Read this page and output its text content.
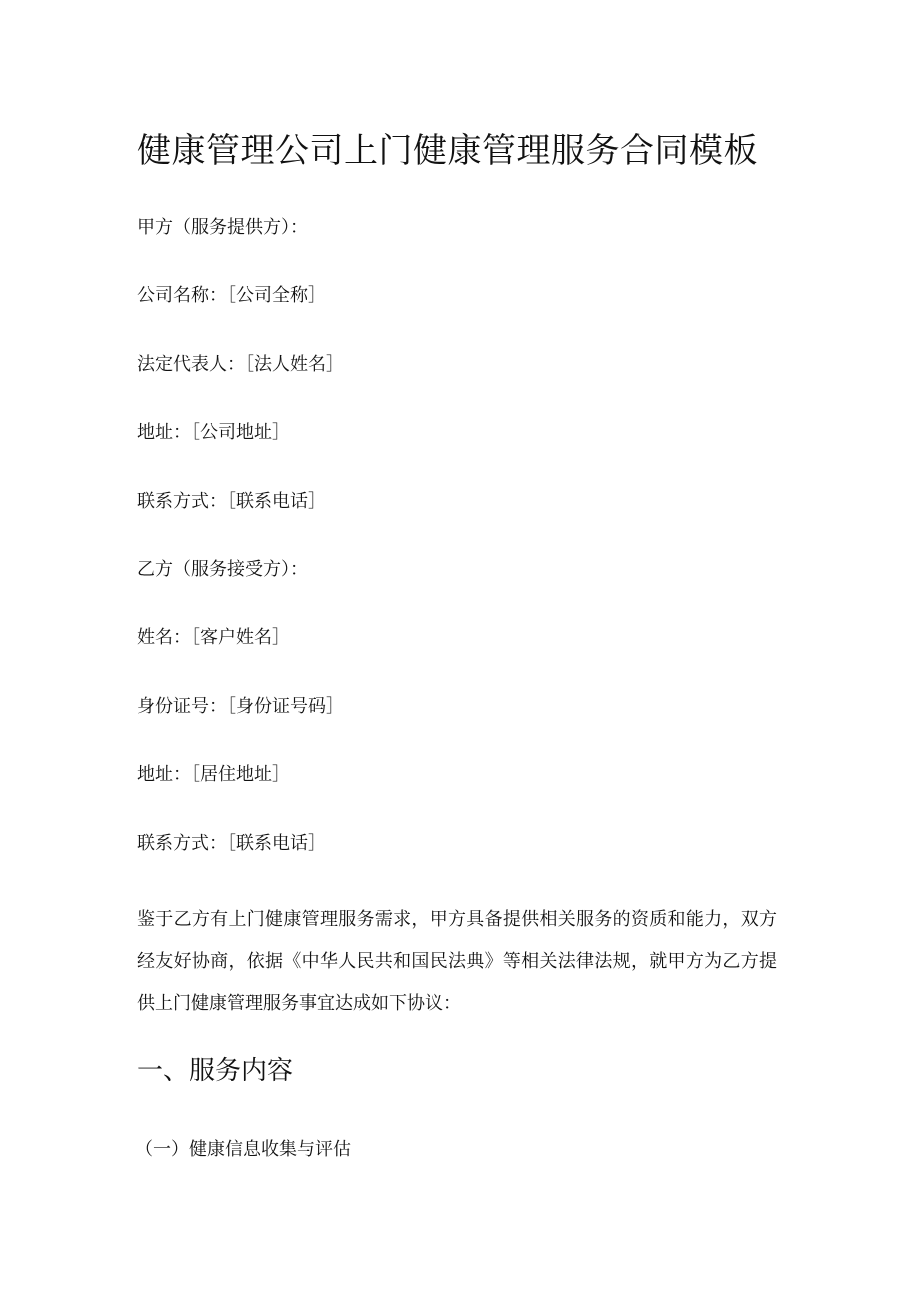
健康管理公司上门健康管理服务合同模板

甲方（服务提供方）：

公司名称：［公司全称］

法定代表人：［法人姓名］

地址：［公司地址］

联系方式：［联系电话］

乙方（服务接受方）：

姓名：［客户姓名］

身份证号：［身份证号码］

地址：［居住地址］

联系方式：［联系电话］

鉴于乙方有上门健康管理服务需求，甲方具备提供相关服务的资质和能力，双方经友好协商，依据《中华人民共和国民法典》等相关法律法规，就甲方为乙方提供上门健康管理服务事宜达成如下协议：

一、服务内容

（一）健康信息收集与评估
